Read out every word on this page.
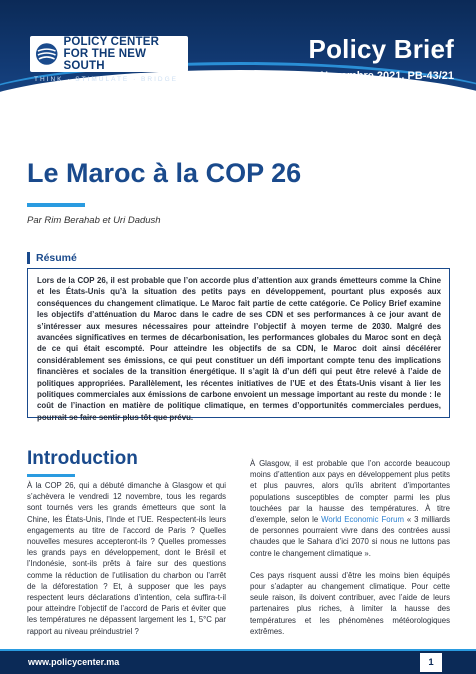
POLICY CENTER
FOR THE NEW SOUTH
THINK · STIMULATE · BRIDGE
Policy Brief
Novembre 2021, PB-43/21
Le Maroc à la COP 26
Par Rim Berahab et Uri Dadush
Résumé
Lors de la COP 26, il est probable que l’on accorde plus d’attention aux grands émetteurs comme la Chine et les États-Unis qu’à la situation des petits pays en développement, pourtant plus exposés aux conséquences du changement climatique. Le Maroc fait partie de cette catégorie. Ce Policy Brief examine les objectifs d’atténuation du Maroc dans le cadre de ses CDN et ses performances à ce jour avant de s’intéresser aux mesures nécessaires pour atteindre l’objectif à moyen terme de 2030. Malgré des avancées significatives en termes de décarbonisation, les performances globales du Maroc sont en deçà de ce qui était escompté. Pour atteindre les objectifs de sa CDN, le Maroc doit ainsi décélérer considérablement ses émissions, ce qui peut constituer un défi important compte tenu des implications financières et sociales de la transition énergétique. Il s’agit là d’un défi qui peut être relevé à l’aide de politiques appropriées. Parallèlement, les récentes initiatives de l’UE et des États-Unis visant à lier les politiques commerciales aux émissions de carbone envoient un message important au reste du monde : le coût de l’inaction en matière de politique climatique, en termes d’opportunités commerciales perdues, pourrait se faire sentir plus tôt que prévu.
Introduction

À la COP 26, qui a débuté dimanche à Glasgow et qui s’achèvera le vendredi 12 novembre, tous les regards sont tournés vers les grands émetteurs que sont la Chine, les États-Unis, l’Inde et l’UE. Respectent-ils leurs engagements au titre de l’accord de Paris ? Quelles nouvelles mesures accepteront-ils ? Quelles promesses les grands pays en développement, dont le Brésil et l’Indonésie, sont-ils prêts à faire sur des questions comme la réduction de l’utilisation du charbon ou l’arrêt de la déforestation ? Et, à supposer que les pays respectent leurs déclarations d’intention, cela suffira-t-il pour atteindre l’objectif de l’accord de Paris et éviter que les températures ne dépassent largement les 1, 5°C par rapport au niveau préindustriel ?

À Glasgow, il est probable que l’on accorde beaucoup moins d’attention aux pays en développement plus petits et plus pauvres, alors qu’ils abritent d’importantes populations susceptibles de compter parmi les plus touchées par la hausse des températures. À titre d’exemple, selon le World Economic Forum « 3 milliards de personnes pourraient vivre dans des contrées aussi chaudes que le Sahara d’ici 2070 si nous ne luttons pas contre le changement climatique ».

Ces pays risquent aussi d’être les moins bien équipés pour s’adapter au changement climatique. Pour cette seule raison, ils doivent contribuer, avec l’aide de leurs partenaires plus riches, à limiter la hausse des températures et les phénomènes météorologiques extrêmes.

www.policycenter.ma	1
